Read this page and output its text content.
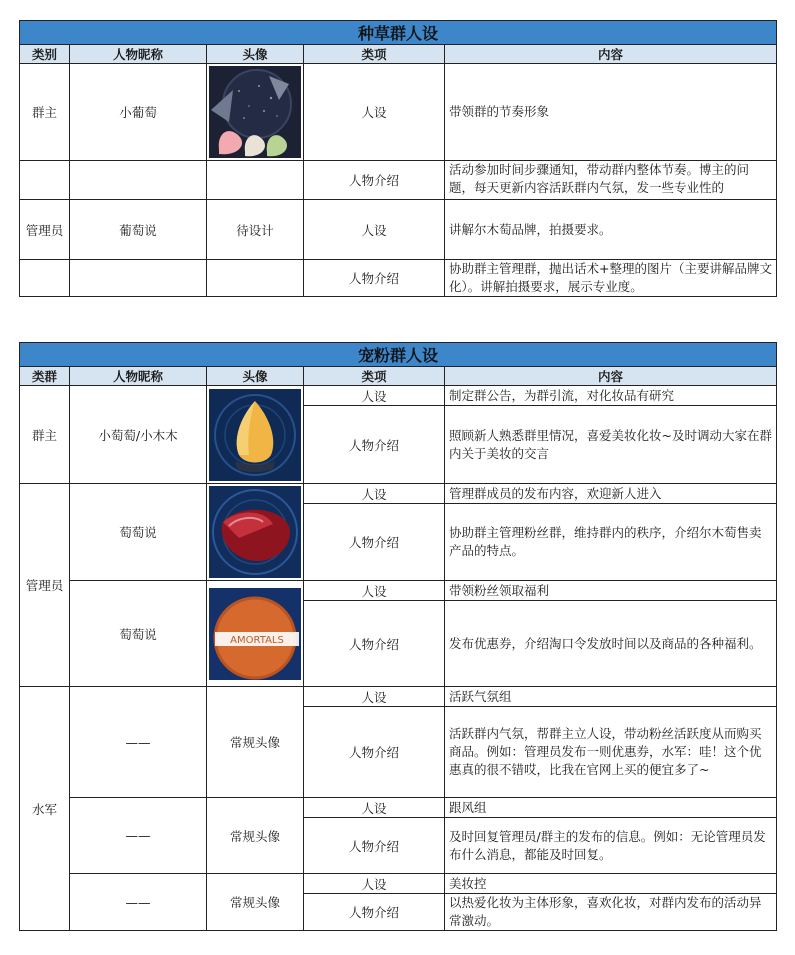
种草群人设				
类别	人物昵称	头像	类项	内容
群主	小葡萄		人设	带领群的节奏形象
			人物介绍	活动参加时间步骤通知，带动群内整体节奏。博主的问题，每天更新内容活跃群内气氛，发一些专业性的

管理员	葡萄说	待设计	人设	讲解尔木萄品牌，拍摄要求。
			人物介绍	协助群主管理群，抛出话术+整理的图片（主要讲解品牌文化）。讲解拍摄要求，展示专业度。
宠粉群人设				
类群	人物昵称	头像	类项	内容
群主	小萄萄/小木木		人设	制定群公告，为群引流，对化妆品有研究
			人物介绍	照顾新人熟悉群里情况，喜爱美妆化妆~及时调动大家在群内关于美妆的交言
管理员	萄萄说		人设	管理群成员的发布内容，欢迎新人进入
			人物介绍	协助群主管理粉丝群，维持群内的秩序，介绍尔木萄售卖产品的特点。
	萄萄说	AMORTALS	人设	带领粉丝领取福利
			人物介绍	发布优惠券，介绍淘口令发放时间以及商品的各种福利。
水军	——	常规头像	人设	活跃气氛组
			人物介绍	活跃群内气氛，帮群主立人设，带动粉丝活跃度从而购买商品。例如：管理员发布一则优惠券，水军：哇！这个优惠真的很不错哎，比我在官网上买的便宜多了~
	——	常规头像	人设	跟风组
			人物介绍	及时回复管理员/群主的发布的信息。例如：无论管理员发布什么消息，都能及时回复。
	——	常规头像	人设	美妆控
			人物介绍	以热爱化妆为主体形象，喜欢化妆，对群内发布的活动异常激动。
